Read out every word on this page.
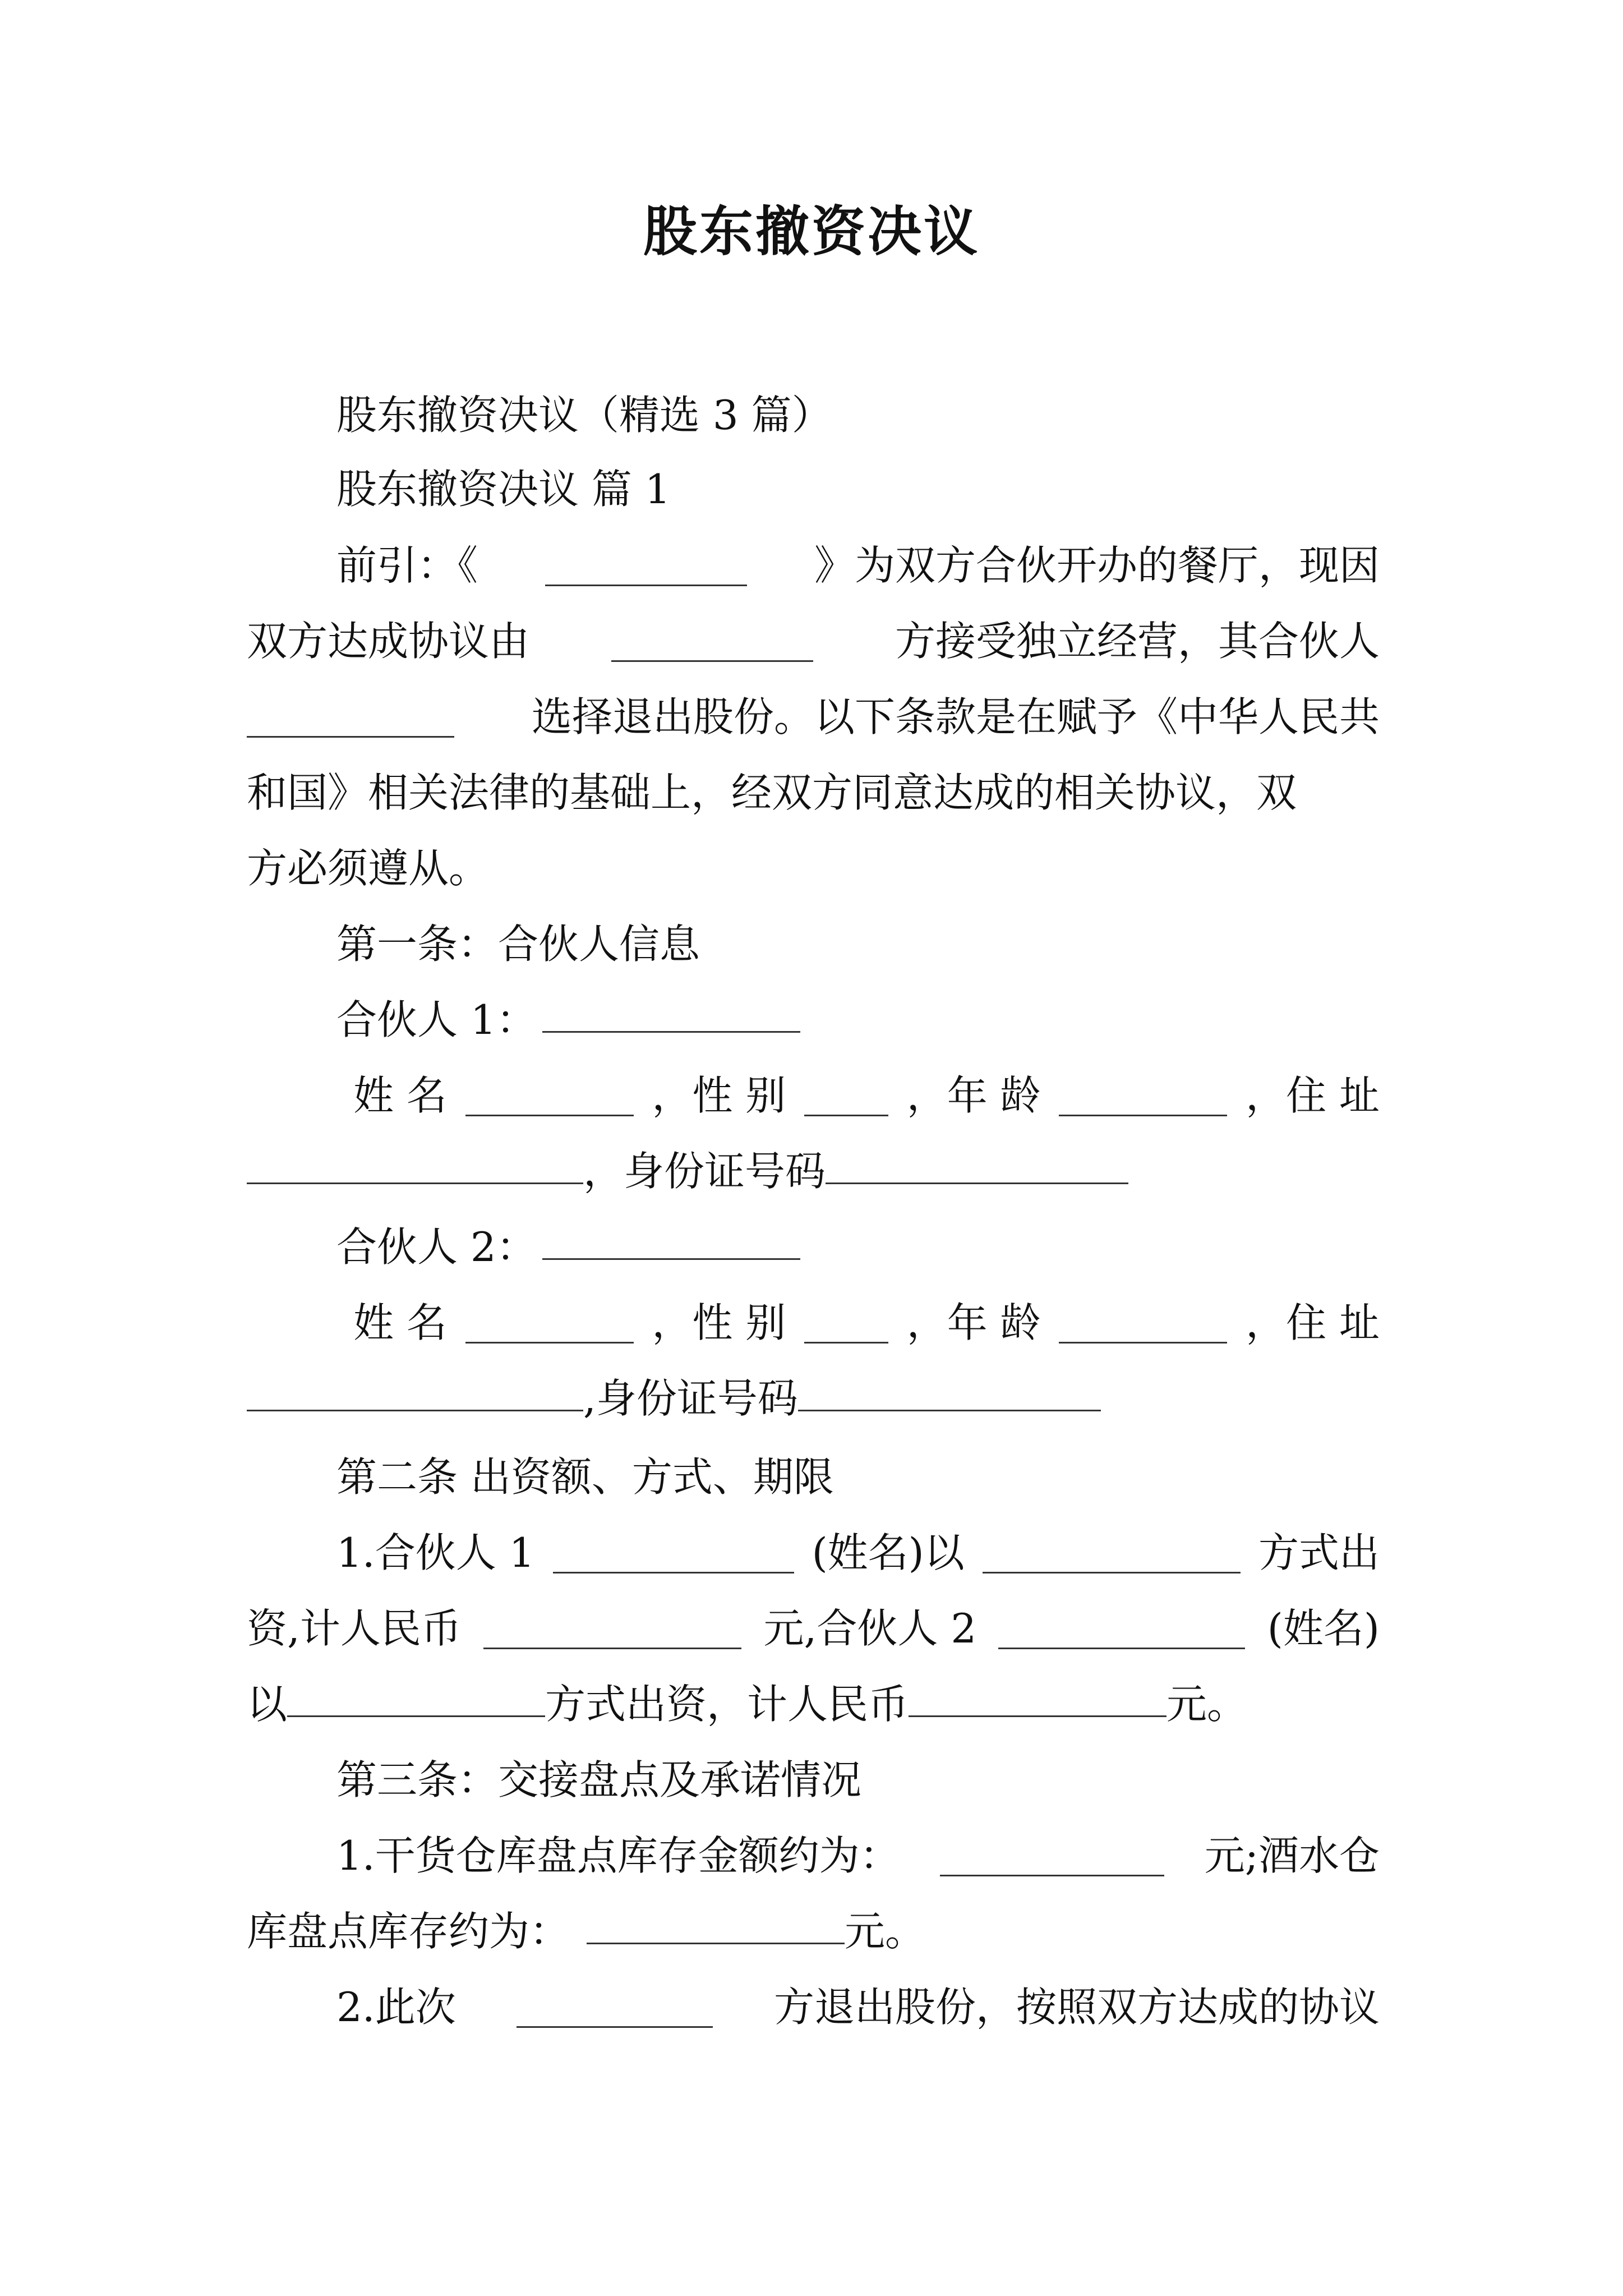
股东撤资决议
股东撤资决议（精选 3 篇）
股东撤资决议 篇 1
前引：《	》为双方合伙开办的餐厅，现因
双方达成协议由	方接受独立经营，其合伙人
选择退出股份。以下条款是在赋予《中华人民共
和国》相关法律的基础上，经双方同意达成的相关协议，双
方必须遵从。
第一条：合伙人信息
合伙人 1：
姓 名	，性 别	，年 龄	，住 址
，身份证号码
合伙人 2：
姓 名	，性 别	，年 龄	，住 址
,身份证号码
第二条 出资额、方式、期限
1.合伙人 1	(姓名)以	方式出
资,计人民币	元,合伙人 2	(姓名)
以	方式出资，计人民币	元。
第三条：交接盘点及承诺情况
1.干货仓库盘点库存金额约为：	元;酒水仓
库盘点库存约为：	元。
2.此次	方退出股份，按照双方达成的协议
